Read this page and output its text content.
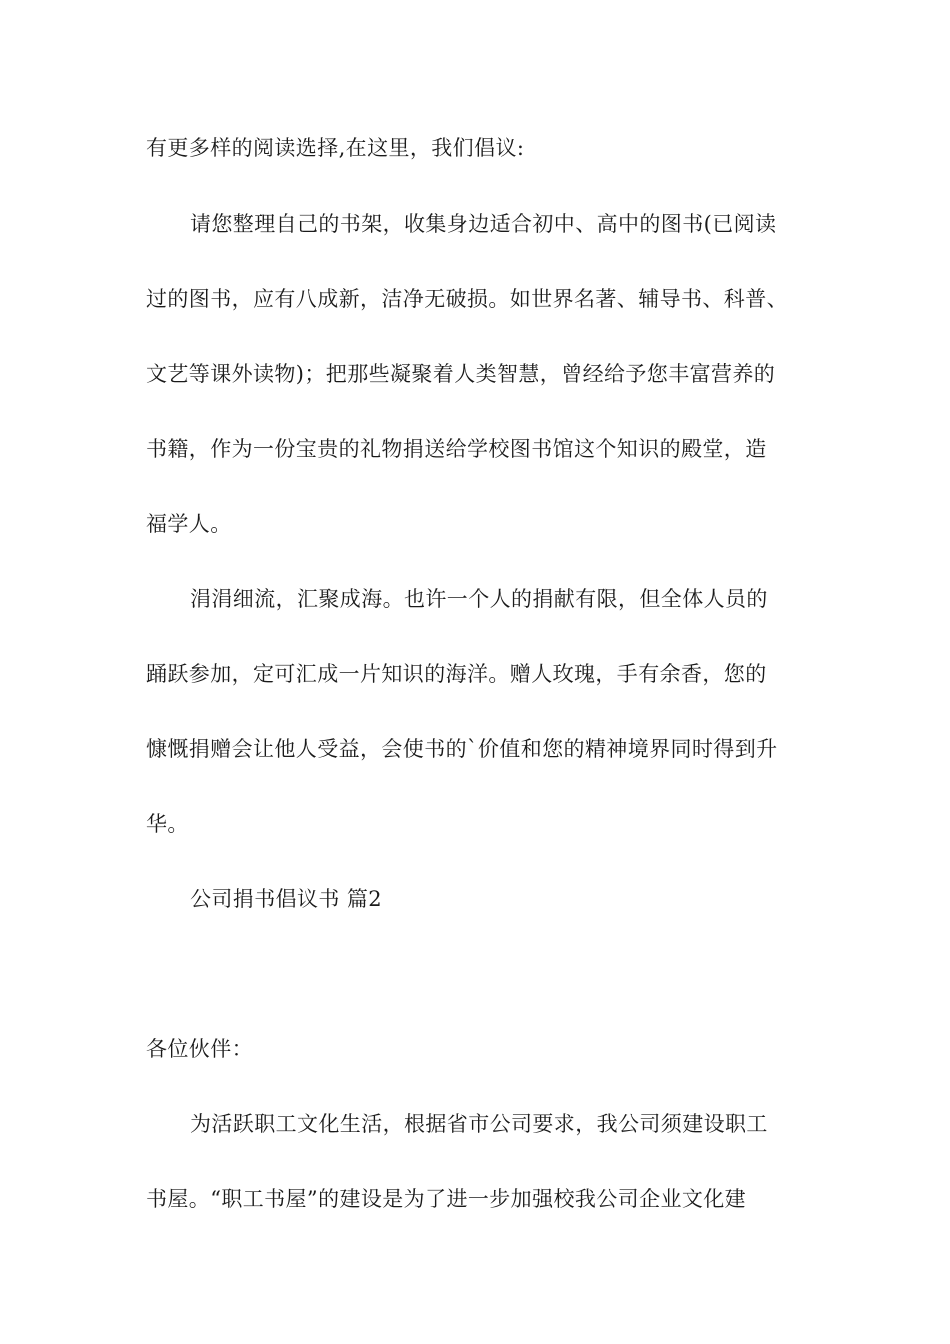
有更多样的阅读选择,在这里，我们倡议:
请您整理自己的书架，收集身边适合初中、高中的图书(已阅读
过的图书，应有八成新，洁净无破损。如世界名著、辅导书、科普、
文艺等课外读物)；把那些凝聚着人类智慧，曾经给予您丰富营养的
书籍，作为一份宝贵的礼物捐送给学校图书馆这个知识的殿堂，造
福学人。
涓涓细流，汇聚成海。也许一个人的捐献有限，但全体人员的
踊跃参加，定可汇成一片知识的海洋。赠人玫瑰，手有余香，您的
慷慨捐赠会让他人受益，会使书的`价值和您的精神境界同时得到升
华。
公司捐书倡议书 篇2
各位伙伴：
为活跃职工文化生活，根据省市公司要求，我公司须建设职工
书屋。“职工书屋”的建设是为了进一步加强校我公司企业文化建
